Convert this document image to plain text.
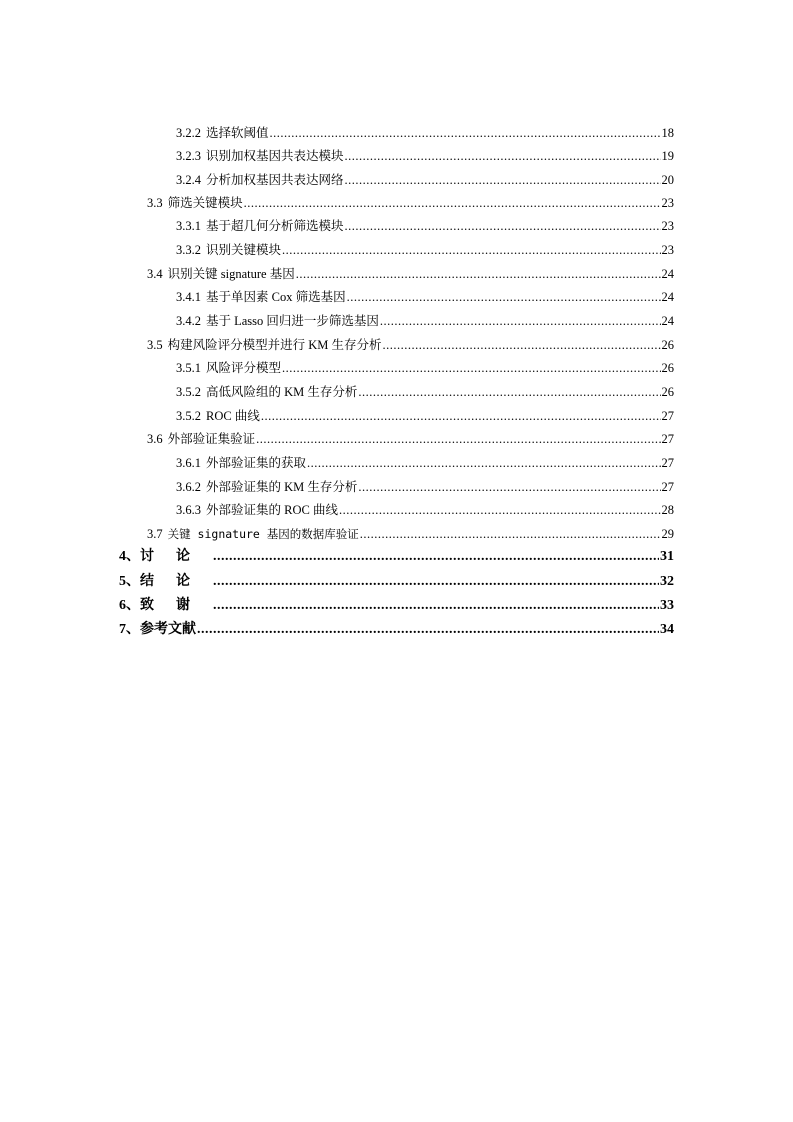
3.2.2 选择软阈值 .....	18
3.2.3 识别加权基因共表达模块 .....	19
3.2.4 分析加权基因共表达网络 .....	20
3.3 筛选关键模块 .....	23
3.3.1 基于超几何分析筛选模块 .....	23
3.3.2 识别关键模块 .....	23
3.4 识别关键 signature 基因 .....	24
3.4.1 基于单因素 Cox 筛选基因 .....	24
3.4.2 基于 Lasso 回归进一步筛选基因 .....	24
3.5 构建风险评分模型并进行 KM 生存分析 .....	26
3.5.1 风险评分模型 .....	26
3.5.2 高低风险组的 KM 生存分析 .....	26
3.5.2 ROC 曲线 .....	27
3.6 外部验证集验证 .....	27
3.6.1 外部验证集的获取 .....	27
3.6.2 外部验证集的 KM 生存分析 .....	27
3.6.3 外部验证集的 ROC 曲线 .....	28
3.7 关键 signature 基因的数据库验证 .....	29
4、 讨论 .....	31
5、 结论 .....	32
6、 致谢 .....	33
7、 参考文献 .....	34
